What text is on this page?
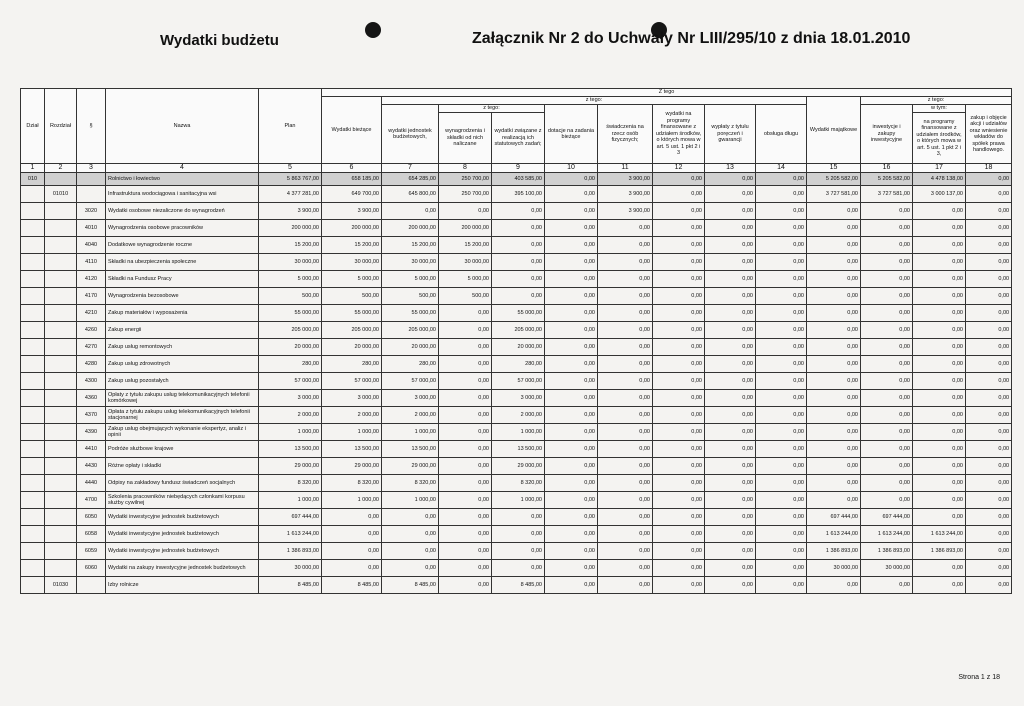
Wydatki budżetu	Załącznik Nr 2 do Uchwały Nr LIII/295/10 z dnia 18.01.2010
Dział	Rozdział	§	Nazwa	Plan	Z tego												
					Wydatki bieżące	z tego:								Wydatki majątkowe	z tego:		
						wydatki jednostek budżetowych,	z tego:		dotacje na zadania bieżące	świadczenia na rzecz osób fizycznych;	wydatki na programy finansowane z udziałem środków, o których mowa w art. 5 ust. 1 pkt 2 i 3	wypłaty z tytułu poręczeń i gwarancji	obsługa długu		inwestycje i zakupy inwestycyjne	w tym:	zakup i objęcie akcji i udziałów oraz wniesienie wkładów do spółek prawa handlowego.
							wynagrodzenia i składki od nich naliczane	wydatki związane z realizacją ich statutowych zadań;								na programy finansowane z udziałem środków, o których mowa w art. 5 ust. 1 pkt 2 i 3,	
1	2	3	4	5	6	7	8	9	10	11	12	13	14	15	16	17	18
010			Rolnictwo i łowiectwo	5 863 767,00	658 185,00	654 285,00	250 700,00	403 585,00	0,00	3 900,00	0,00	0,00	0,00	5 205 582,00	5 205 582,00	4 478 138,00	0,00
	01010		Infrastruktura wodociągowa i sanitacyjna wsi	4 377 281,00	649 700,00	645 800,00	250 700,00	395 100,00	0,00	3 900,00	0,00	0,00	0,00	3 727 581,00	3 727 581,00	3 000 137,00	0,00
		3020	Wydatki osobowe niezaliczone do wynagrodzeń	3 900,00	3 900,00	0,00	0,00	0,00	0,00	3 900,00	0,00	0,00	0,00	0,00	0,00	0,00	0,00
		4010	Wynagrodzenia osobowe pracowników	200 000,00	200 000,00	200 000,00	200 000,00	0,00	0,00	0,00	0,00	0,00	0,00	0,00	0,00	0,00	0,00
		4040	Dodatkowe wynagrodzenie roczne	15 200,00	15 200,00	15 200,00	15 200,00	0,00	0,00	0,00	0,00	0,00	0,00	0,00	0,00	0,00	0,00
		4110	Składki na ubezpieczenia społeczne	30 000,00	30 000,00	30 000,00	30 000,00	0,00	0,00	0,00	0,00	0,00	0,00	0,00	0,00	0,00	0,00
		4120	Składki na Fundusz Pracy	5 000,00	5 000,00	5 000,00	5 000,00	0,00	0,00	0,00	0,00	0,00	0,00	0,00	0,00	0,00	0,00
		4170	Wynagrodzenia bezosobowe	500,00	500,00	500,00	500,00	0,00	0,00	0,00	0,00	0,00	0,00	0,00	0,00	0,00	0,00
		4210	Zakup materiałów i wyposażenia	55 000,00	55 000,00	55 000,00	0,00	55 000,00	0,00	0,00	0,00	0,00	0,00	0,00	0,00	0,00	0,00
		4260	Zakup energii	205 000,00	205 000,00	205 000,00	0,00	205 000,00	0,00	0,00	0,00	0,00	0,00	0,00	0,00	0,00	0,00
		4270	Zakup usług remontowych	20 000,00	20 000,00	20 000,00	0,00	20 000,00	0,00	0,00	0,00	0,00	0,00	0,00	0,00	0,00	0,00
		4280	Zakup usług zdrowotnych	280,00	280,00	280,00	0,00	280,00	0,00	0,00	0,00	0,00	0,00	0,00	0,00	0,00	0,00
		4300	Zakup usług pozostałych	57 000,00	57 000,00	57 000,00	0,00	57 000,00	0,00	0,00	0,00	0,00	0,00	0,00	0,00	0,00	0,00
		4360	Opłaty z tytułu zakupu usług telekomunikacyjnych telefonii komórkowej	3 000,00	3 000,00	3 000,00	0,00	3 000,00	0,00	0,00	0,00	0,00	0,00	0,00	0,00	0,00	0,00
		4370	Opłata z tytułu zakupu usług telekomunikacyjnych telefonii stacjonarnej	2 000,00	2 000,00	2 000,00	0,00	2 000,00	0,00	0,00	0,00	0,00	0,00	0,00	0,00	0,00	0,00
		4390	Zakup usług obejmujących wykonanie ekspertyz, analiz i opinii	1 000,00	1 000,00	1 000,00	0,00	1 000,00	0,00	0,00	0,00	0,00	0,00	0,00	0,00	0,00	0,00
		4410	Podróże służbowe krajowe	13 500,00	13 500,00	13 500,00	0,00	13 500,00	0,00	0,00	0,00	0,00	0,00	0,00	0,00	0,00	0,00
		4430	Różne opłaty i składki	29 000,00	29 000,00	29 000,00	0,00	29 000,00	0,00	0,00	0,00	0,00	0,00	0,00	0,00	0,00	0,00
		4440	Odpisy na zakładowy fundusz świadczeń socjalnych	8 320,00	8 320,00	8 320,00	0,00	8 320,00	0,00	0,00	0,00	0,00	0,00	0,00	0,00	0,00	0,00
		4700	Szkolenia pracowników niebędących członkami korpusu służby cywilnej	1 000,00	1 000,00	1 000,00	0,00	1 000,00	0,00	0,00	0,00	0,00	0,00	0,00	0,00	0,00	0,00
		6050	Wydatki inwestycyjne jednostek budżetowych	697 444,00	0,00	0,00	0,00	0,00	0,00	0,00	0,00	0,00	0,00	697 444,00	697 444,00	0,00	0,00
		6058	Wydatki inwestycyjne jednostek budżetowych	1 613 244,00	0,00	0,00	0,00	0,00	0,00	0,00	0,00	0,00	0,00	1 613 244,00	1 613 244,00	1 613 244,00	0,00
		6059	Wydatki inwestycyjne jednostek budżetowych	1 386 893,00	0,00	0,00	0,00	0,00	0,00	0,00	0,00	0,00	0,00	1 386 893,00	1 386 893,00	1 386 893,00	0,00
		6060	Wydatki na zakupy inwestycyjne jednostek budżetowych	30 000,00	0,00	0,00	0,00	0,00	0,00	0,00	0,00	0,00	0,00	30 000,00	30 000,00	0,00	0,00
	01030		Izby rolnicze	8 485,00	8 485,00	8 485,00	0,00	8 485,00	0,00	0,00	0,00	0,00	0,00	0,00	0,00	0,00	0,00
Strona 1 z 18
